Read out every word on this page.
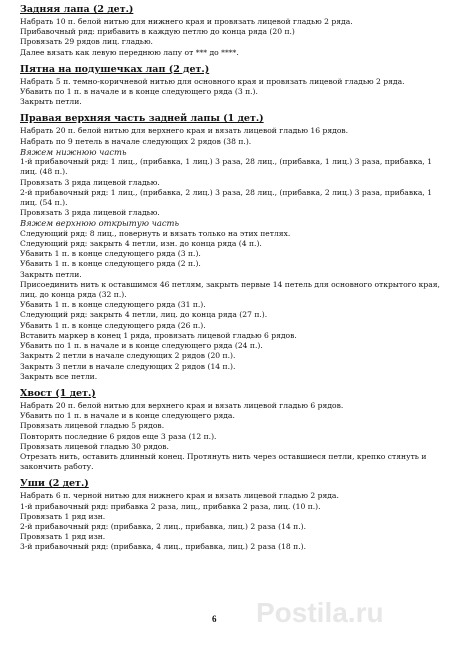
Задняя лапа (2 дет.)
Набрать 10 п. белой нитью для нижнего края и провязать лицевой гладью 2 ряда.
Прибавочный ряд: прибавить в каждую петлю до конца ряда (20 п.)
Провязать 29 рядов лиц. гладью.
Далее вязать как левую переднюю лапу от *** до ****.
Пятна на подушечках лап (2 дет.)
Набрать 5 п. темно-коричневой нитью для основного края и провязать лицевой гладью 2 ряда.
Убавить по 1 п. в начале и в конце следующего ряда (3 п.).
Закрыть петли.
Правая верхняя часть задней лапы (1 дет.)
Набрать 20 п. белой нитью для верхнего края и вязать лицевой гладью 16 рядов.
Набрать по 9 петель в начале следующих 2 рядов (38 п.).
Вяжем нижнюю часть
1-й прибавочный ряд: 1 лиц., (прибавка, 1 лиц.) 3 раза, 28 лиц., (прибавка, 1 лиц.) 3 раза, прибавка, 1 лиц. (48 п.).
Провязать 3 ряда лицевой гладью.
2-й прибавочный ряд: 1 лиц., (прибавка, 2 лиц.) 3 раза, 28 лиц., (прибавка, 2 лиц.) 3 раза, прибавка, 1 лиц. (54 п.).
Провязать 3 ряда лицевой гладью.
Вяжем верхнюю открытую часть
Следующий ряд: 8 лиц., повернуть и вязать только на этих петлях.
Следующий ряд: закрыть 4 петли, изн. до конца ряда (4 п.).
Убавить 1 п. в конце следующего ряда (3 п.).
Убавить 1 п. в конце следующего ряда (2 п.).
Закрыть петли.
Присоединить нить к оставшимся 46 петлям, закрыть первые 14 петель для основного открытого края, лиц. до конца ряда (32 п.).
Убавить 1 п. в конце следующего ряда (31 п.).
Следующий ряд: закрыть 4 петли, лиц. до конца ряда (27 п.).
Убавить 1 п. в конце следующего ряда (26 п.).
Вставить маркер в конец 1 ряда, провязать лицевой гладью 6 рядов.
Убавить по 1 п. в начале и в конце следующего ряда (24 п.).
Закрыть 2 петли в начале следующих 2 рядов (20 п.).
Закрыть 3 петли в начале следующих 2 рядов (14 п.).
Закрыть все петли.
Хвост (1 дет.)
Набрать 20 п. белой нитью для верхнего края и вязать лицевой гладью 6 рядов.
Убавить по 1 п. в начале и в конце следующего ряда.
Провязать лицевой гладью 5 рядов.
Повторять последние 6 рядов еще 3 раза (12 п.).
Провязать лицевой гладью 30 рядов.
Отрезать нить, оставить длинный конец. Протянуть нить через оставшиеся петли, крепко стянуть и закончить работу.
Уши (2 дет.)
Набрать 6 п. черной нитью для нижнего края и вязать лицевой гладью 2 ряда.
1-й прибавочный ряд: прибавка 2 раза, лиц., прибавка 2 раза, лиц. (10 п.).
Провязать 1 ряд изн.
2-й прибавочный ряд: (прибавка, 2 лиц., прибавка, лиц.) 2 раза (14 п.).
Провязать 1 ряд изн.
3-й прибавочный ряд: (прибавка, 4 лиц., прибавка, лиц.) 2 раза (18 п.).
6 Postila.ru
